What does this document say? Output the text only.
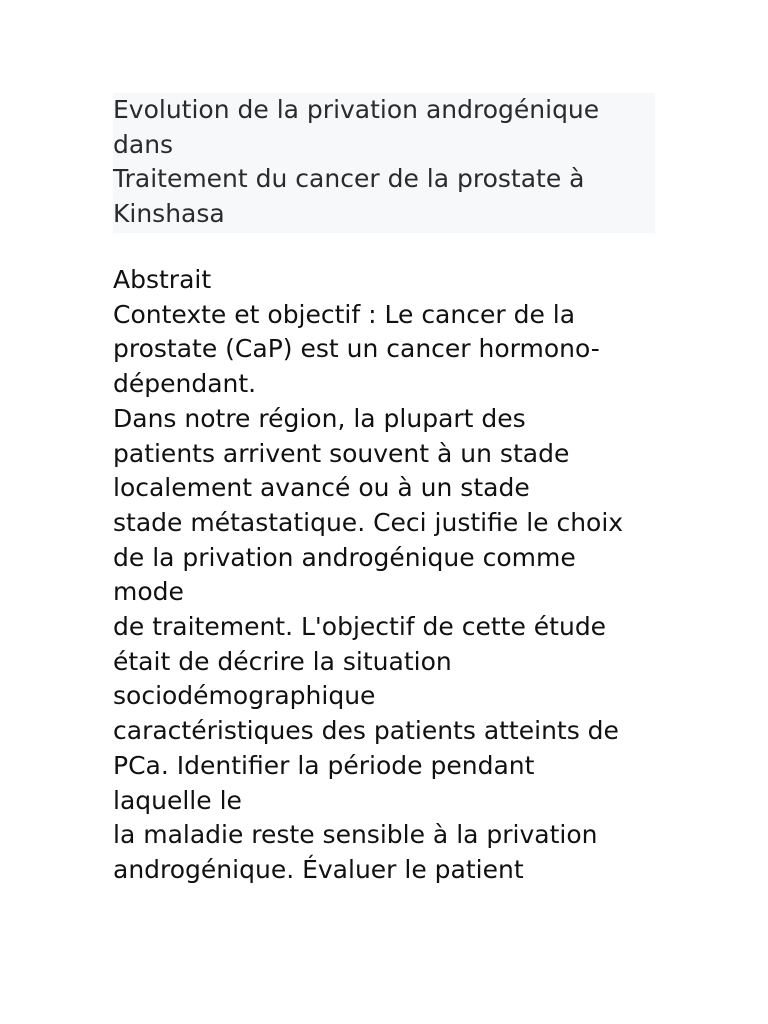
Evolution de la privation androgénique
dans
Traitement du cancer de la prostate à
Kinshasa
Abstrait
Contexte et objectif : Le cancer de la
prostate (CaP) est un cancer hormono-
dépendant.
Dans notre région, la plupart des
patients arrivent souvent à un stade
localement avancé ou à un stade
stade métastatique. Ceci justifie le choix
de la privation androgénique comme
mode
de traitement. L'objectif de cette étude
était de décrire la situation
sociodémographique
caractéristiques des patients atteints de
PCa. Identifier la période pendant
laquelle le
la maladie reste sensible à la privation
androgénique. Évaluer le patient
